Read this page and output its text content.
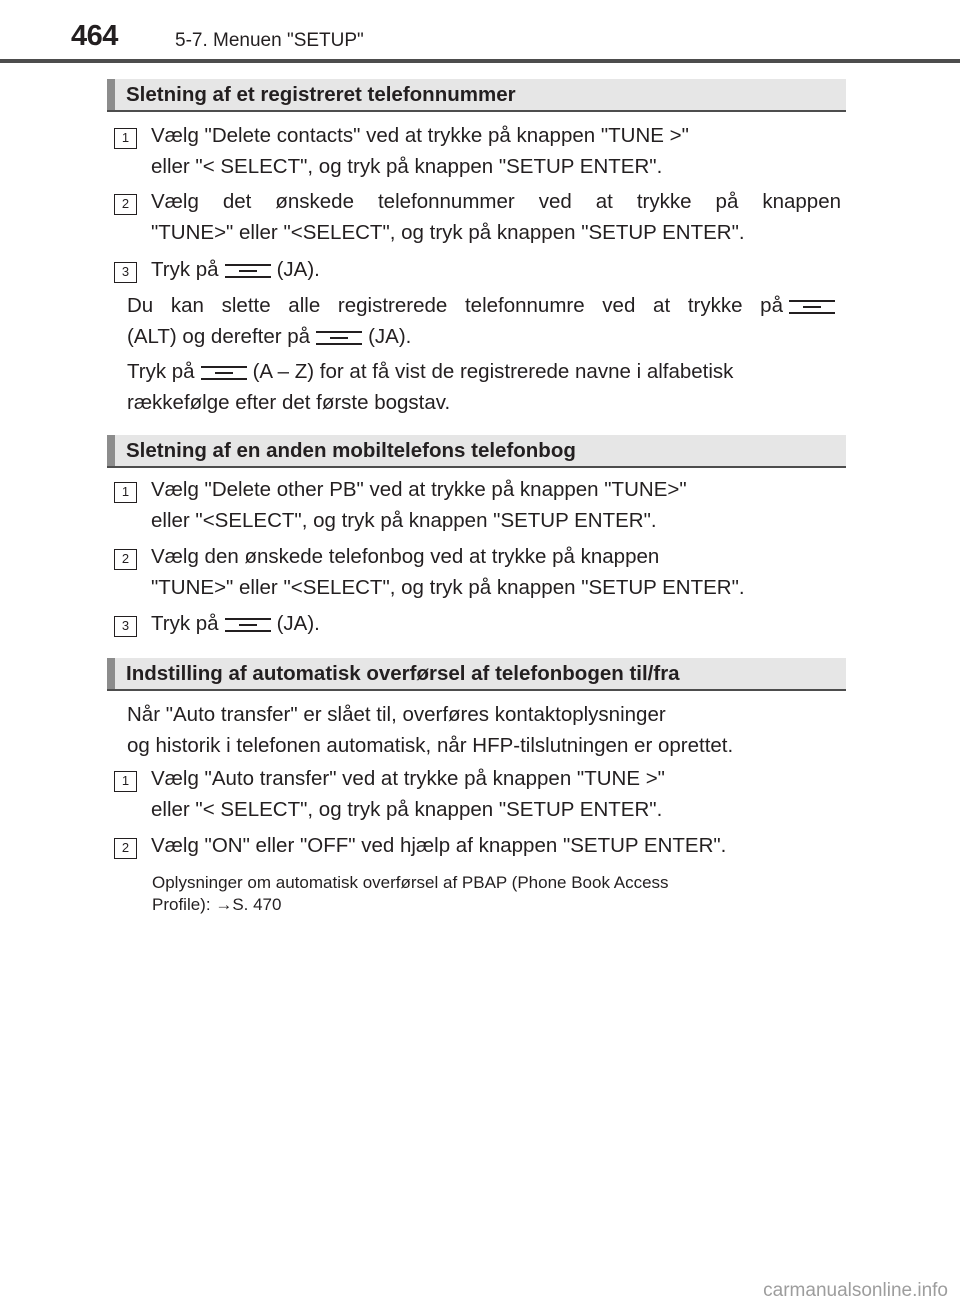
464	5-7. Menuen "SETUP"
Sletning af et registreret telefonnummer
1	Vælg "Delete contacts" ved at trykke på knappen "TUNE >"
eller "< SELECT", og tryk på knappen "SETUP ENTER".
2	Vælg det ønskede telefonnummer ved at trykke på knappen
"TUNE>" eller "<SELECT", og tryk på knappen "SETUP ENTER".
3	Tryk på	(JA).
Du kan slette alle registrerede telefonnumre ved at trykke på
(ALT) og derefter på	(JA).
Tryk på	(A – Z) for at få vist de registrerede navne i alfabetisk
rækkefølge efter det første bogstav.
Sletning af en anden mobiltelefons telefonbog
1	Vælg "Delete other PB" ved at trykke på knappen "TUNE>"
eller "<SELECT", og tryk på knappen "SETUP ENTER".
2	Vælg den ønskede telefonbog ved at trykke på knappen
"TUNE>" eller "<SELECT", og tryk på knappen "SETUP ENTER".
3	Tryk på	(JA).
Indstilling af automatisk overførsel af telefonbogen til/fra
Når "Auto transfer" er slået til, overføres kontaktoplysninger
og historik i telefonen automatisk, når HFP-tilslutningen er oprettet.
1	Vælg "Auto transfer" ved at trykke på knappen "TUNE >"
eller "< SELECT", og tryk på knappen "SETUP ENTER".
2	Vælg "ON" eller "OFF" ved hjælp af knappen "SETUP ENTER".
Oplysninger om automatisk overførsel af PBAP (Phone Book Access
Profile): →S. 470
carmanualsonline.info
